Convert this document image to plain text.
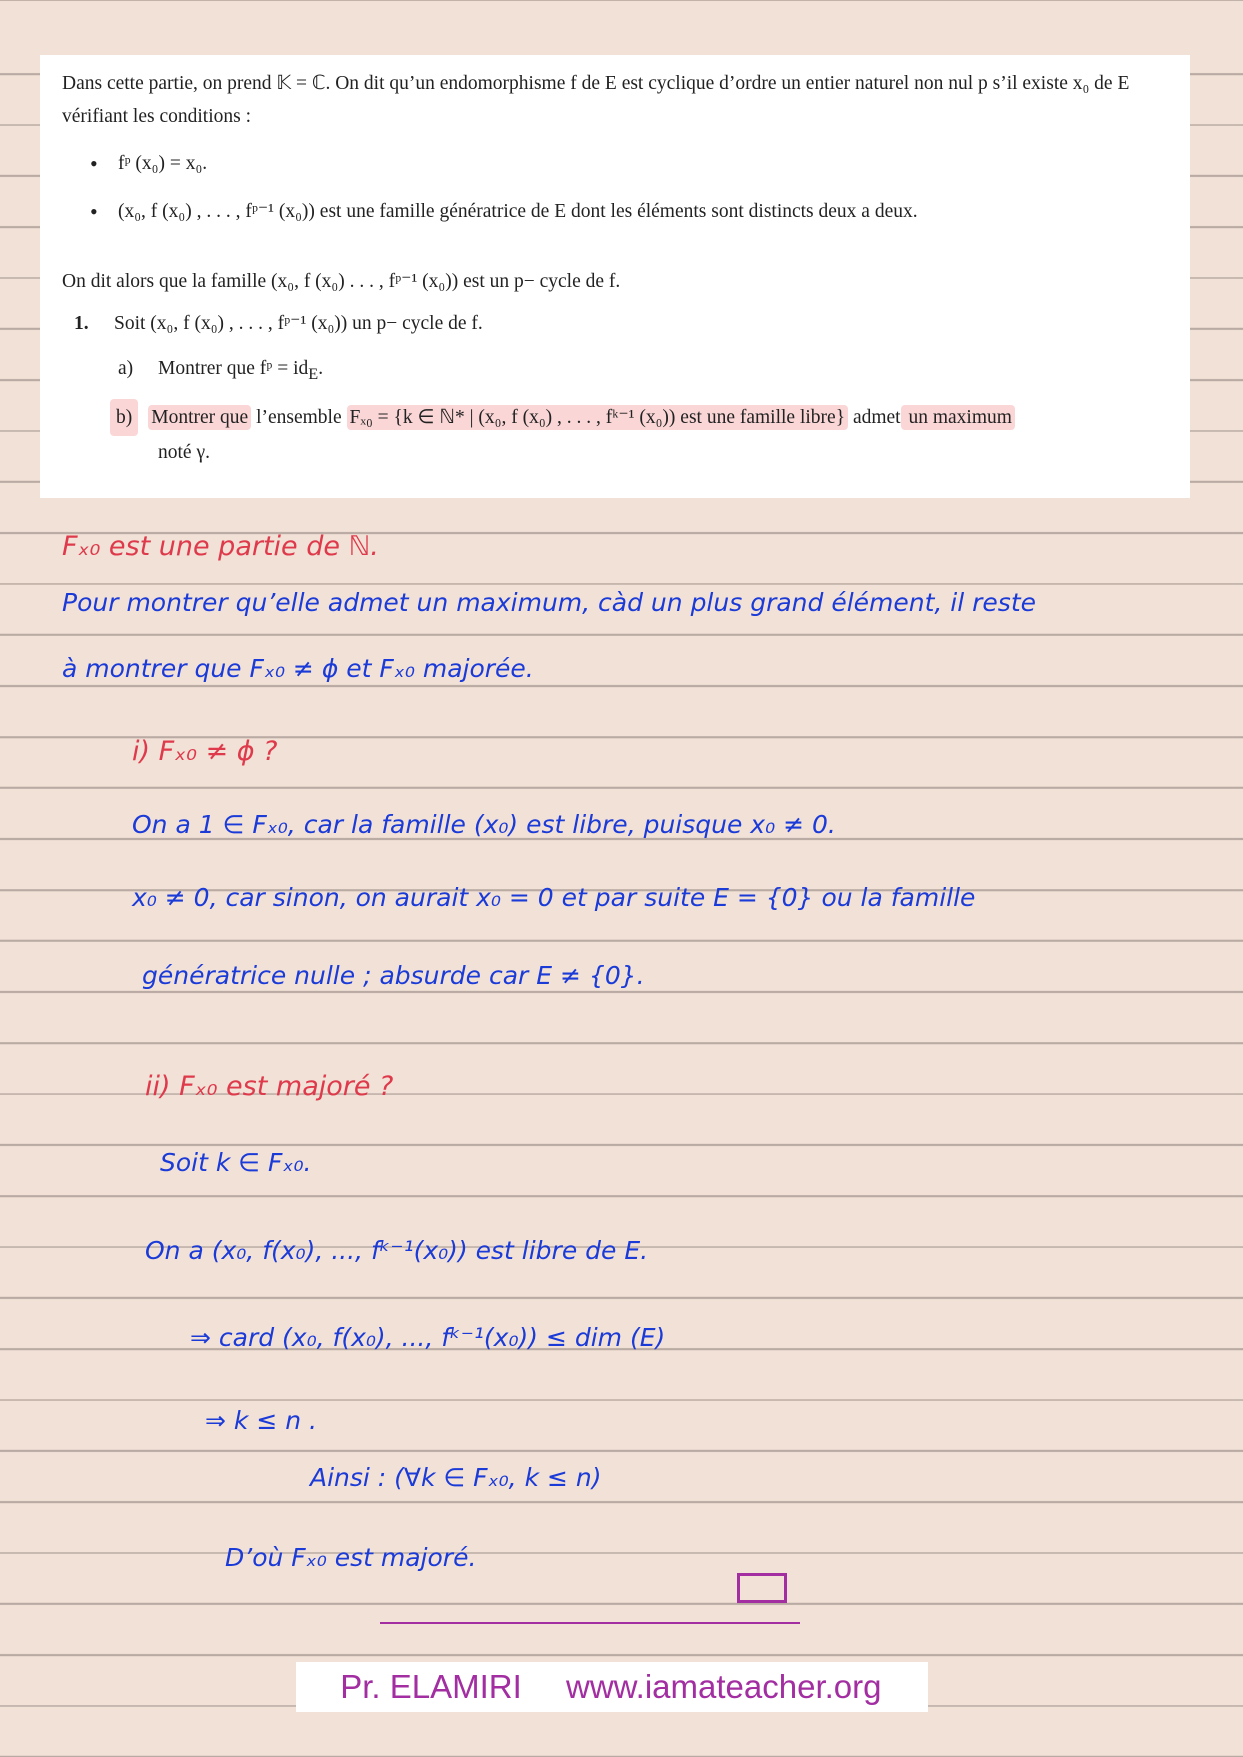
Dans cette partie, on prend 𝕂 = ℂ. On dit qu’un endomorphisme f de E est cyclique d’ordre un entier naturel non nul p s’il existe x₀ de E vérifiant les conditions :

• fᵖ (x₀) = x₀.
• (x₀, f (x₀) , . . . , fᵖ⁻¹ (x₀)) est une famille génératrice de E dont les éléments sont distincts deux a deux.

On dit alors que la famille (x₀, f (x₀) . . . , fᵖ⁻¹ (x₀)) est un p− cycle de f.

1. Soit (x₀, f (x₀) , . . . , fᵖ⁻¹ (x₀)) un p− cycle de f.
a) Montrer que fᵖ = $id_E$.
b) Montrer que l’ensemble Fₓ₀ = {k ∈ ℕ* | (x₀, f (x₀) , . . . , fᵏ⁻¹ (x₀)) est une famille libre} admet un maximum
noté γ.
Fₓ₀ est une partie de ℕ.
Pour montrer qu’elle admet un maximum, càd un plus grand élément, il reste
à montrer que Fₓ₀ ≠ ϕ et Fₓ₀ majorée.
i) Fₓ₀ ≠ ϕ ?
On a 1 ∈ Fₓ₀, car la famille (x₀) est libre, puisque x₀ ≠ 0.
x₀ ≠ 0, car sinon, on aurait x₀ = 0 et par suite E = {0} ou la famille
génératrice nulle ; absurde car E ≠ {0}.
ii) Fₓ₀ est majoré ?
Soit k ∈ Fₓ₀.
On a (x₀, f(x₀), ..., fᵏ⁻¹(x₀)) est libre de E.
⇒ card (x₀, f(x₀), ..., fᵏ⁻¹(x₀)) ≤ dim (E)
⇒ k ≤ n .
Ainsi : (∀k ∈ Fₓ₀, k ≤ n)
D’où Fₓ₀ est majoré.
Pr. ELAMIRI	www.iamateacher.org
